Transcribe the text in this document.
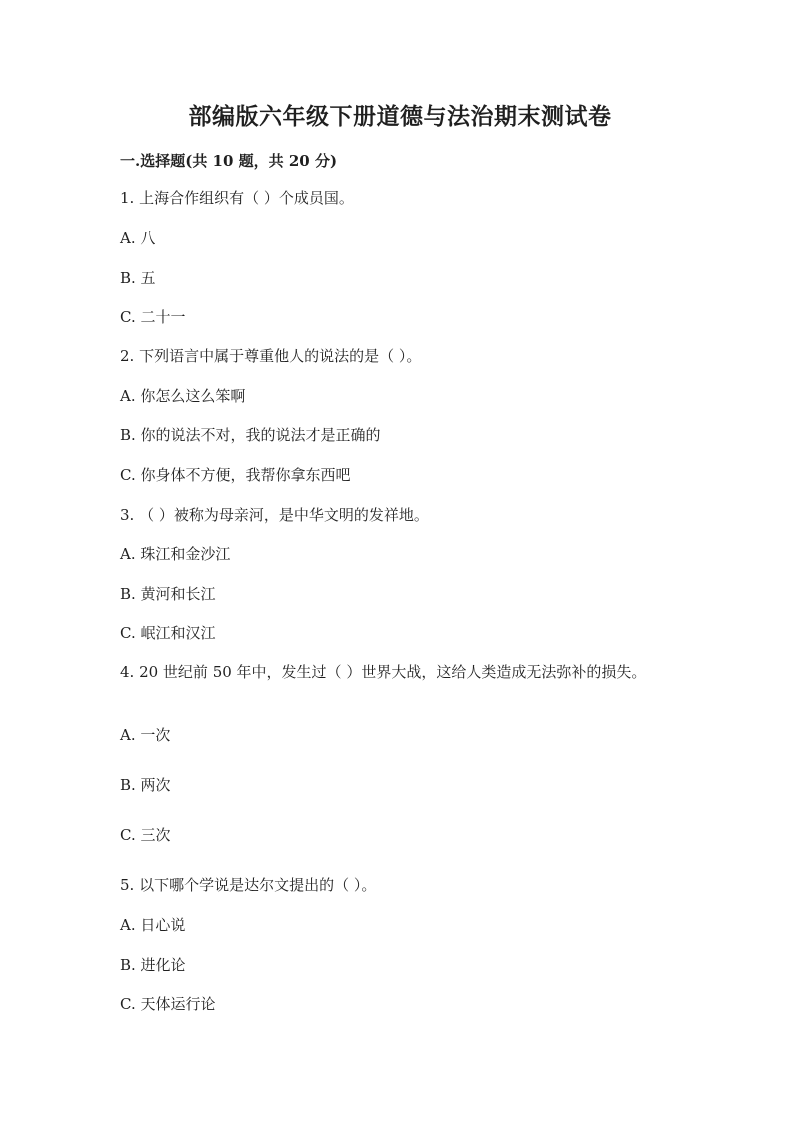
部编版六年级下册道德与法治期末测试卷
一.选择题(共 10 题，共 20 分)
1. 上海合作组织有（ ）个成员国。
A. 八
B. 五
C. 二十一
2. 下列语言中属于尊重他人的说法的是（ ）。
A. 你怎么这么笨啊
B. 你的说法不对，我的说法才是正确的
C. 你身体不方便，我帮你拿东西吧
3. （ ）被称为母亲河，是中华文明的发祥地。
A. 珠江和金沙江
B. 黄河和长江
C. 岷江和汉江
4. 20 世纪前 50 年中，发生过（ ）世界大战，这给人类造成无法弥补的损失。
A. 一次
B. 两次
C. 三次
5. 以下哪个学说是达尔文提出的（ ）。
A. 日心说
B. 进化论
C. 天体运行论
